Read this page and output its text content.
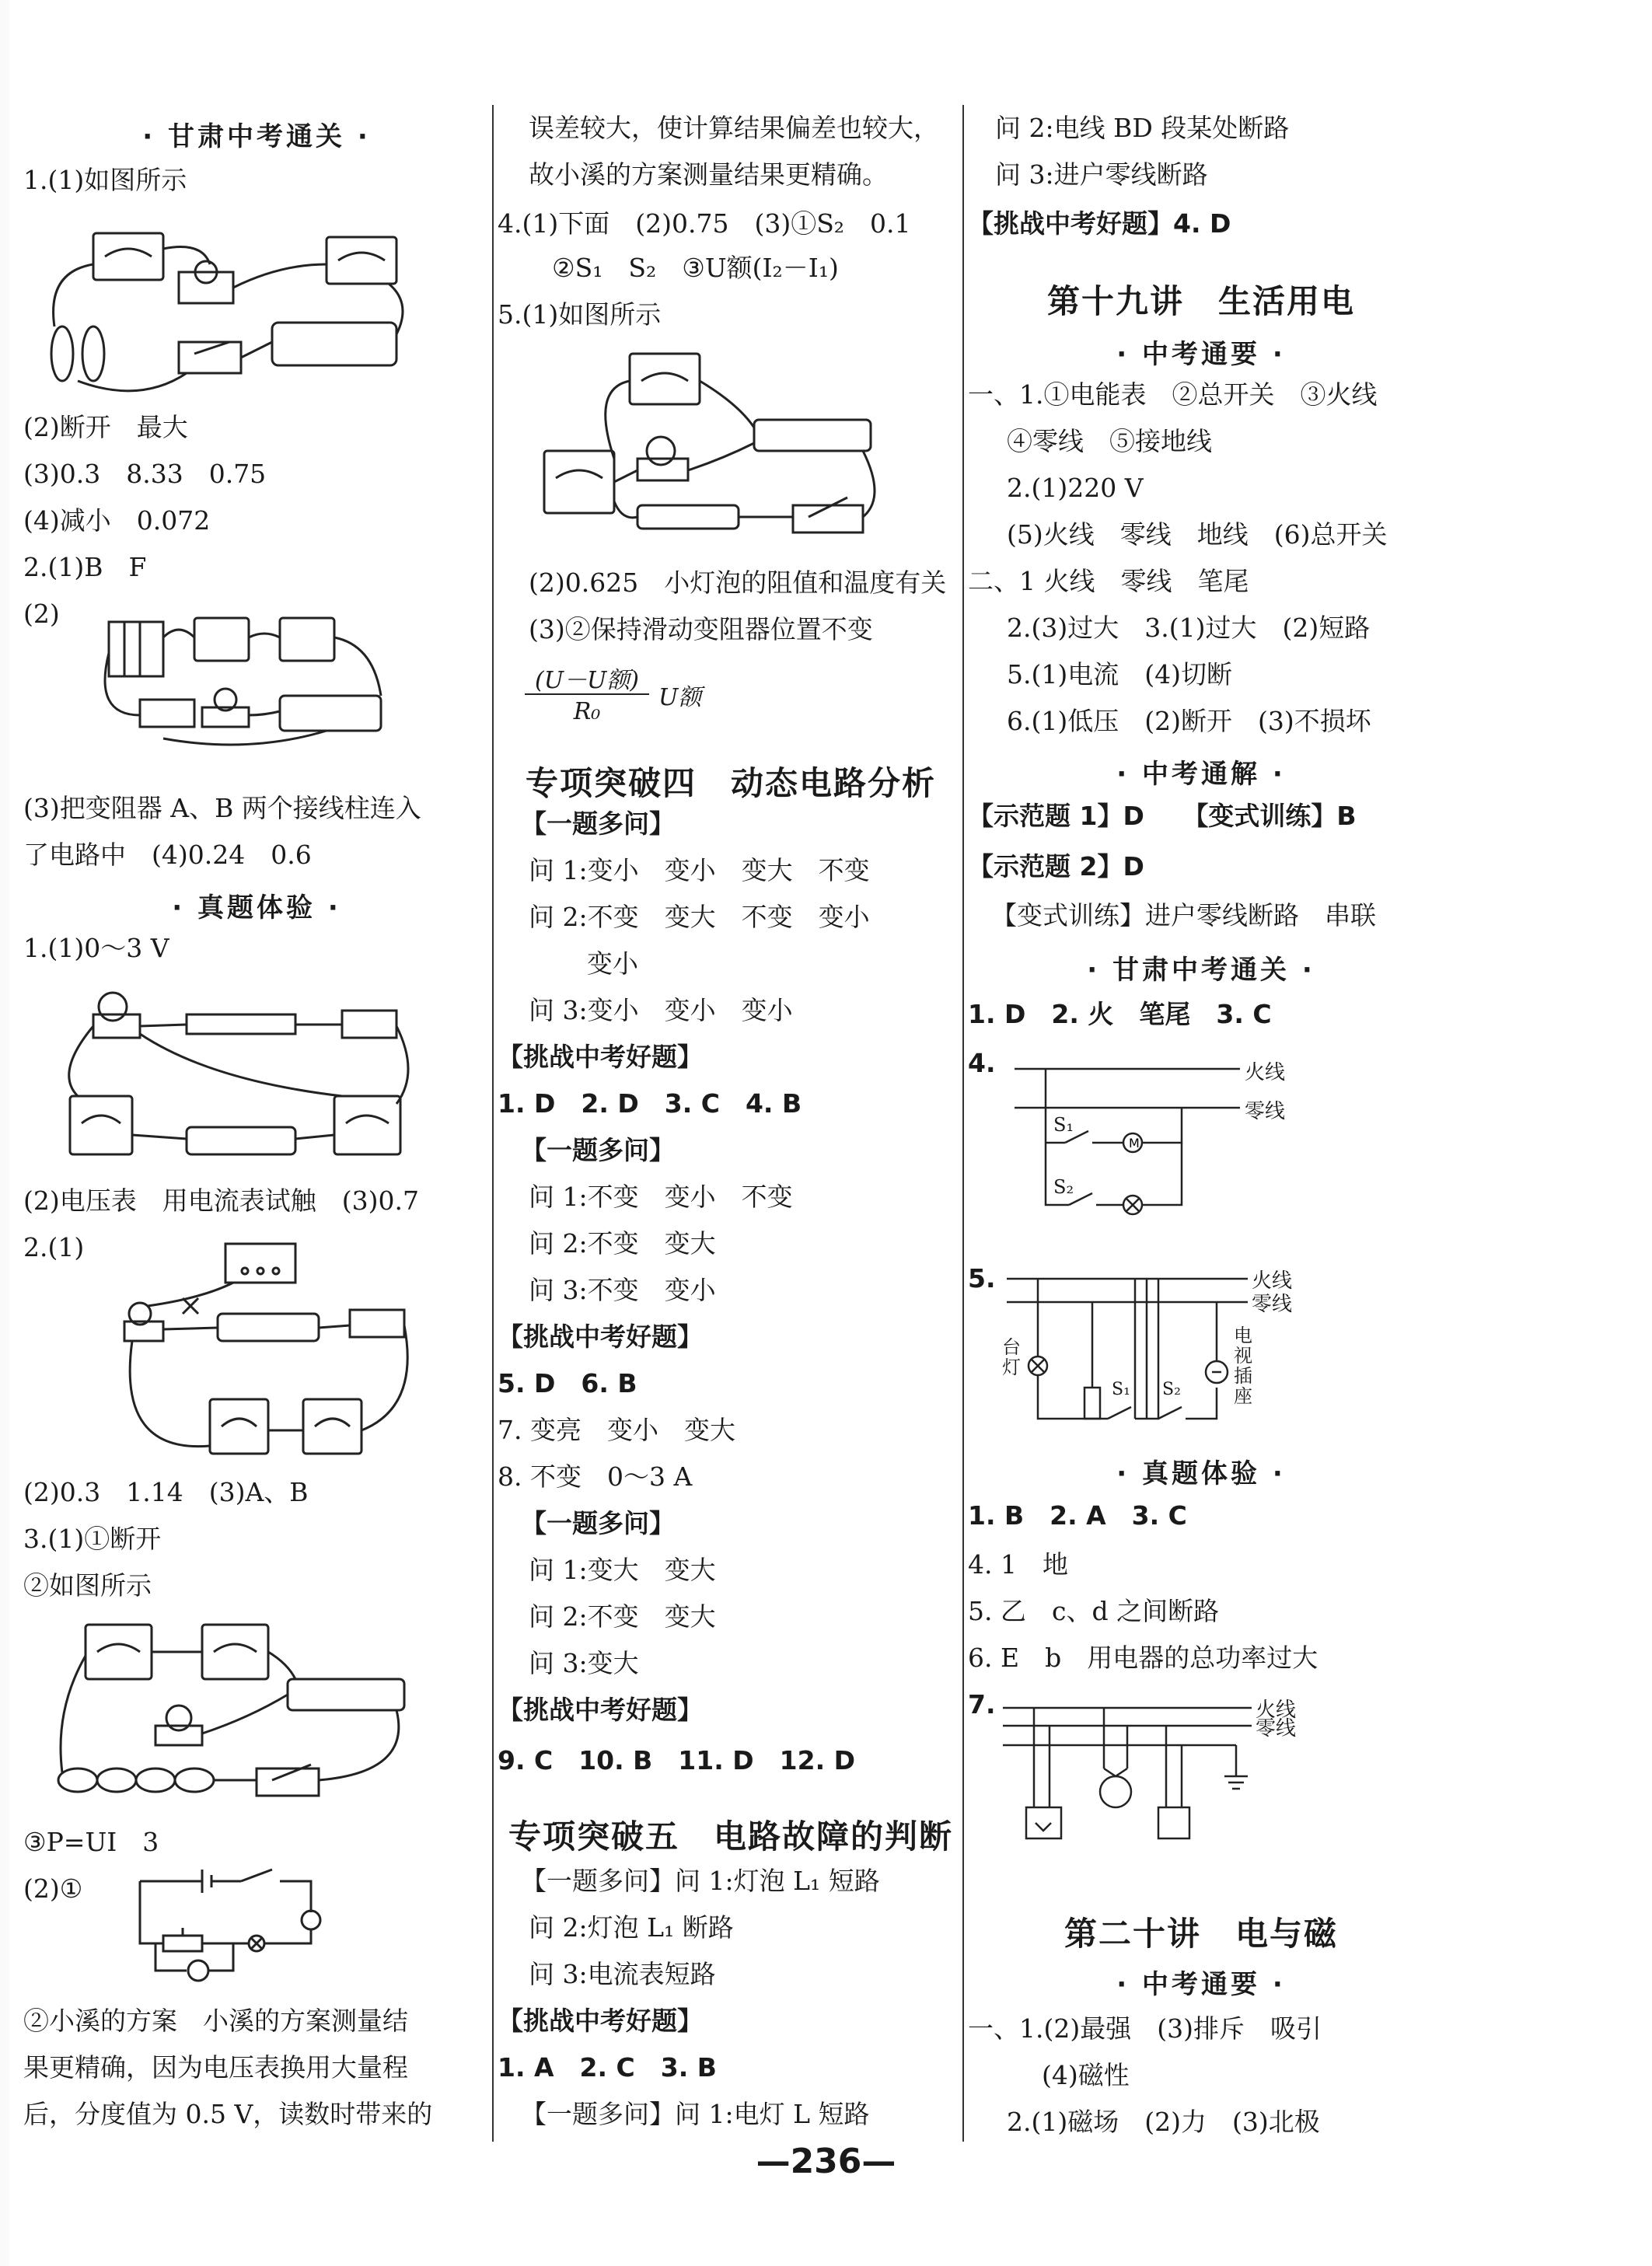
· 甘肃中考通关 ·
1.(1)如图所示
(2)断开　最大
(3)0.3　8.33　0.75
(4)减小　0.072
2.(1)B　F
(2)
(3)把变阻器 A、B 两个接线柱连入
了电路中　(4)0.24　0.6
· 真题体验 ·
1.(1)0～3 V
(2)电压表　用电流表试触　(3)0.7
2.(1)
(2)0.3　1.14　(3)A、B
3.(1)①断开
②如图所示
③P=UI　3
(2)①
②小溪的方案　小溪的方案测量结
果更精确，因为电压表换用大量程
后，分度值为 0.5 V，读数时带来的
误差较大，使计算结果偏差也较大，
故小溪的方案测量结果更精确。
4.(1)下面　(2)0.75　(3)①S₂　0.1
②S₁　S₂　③U额(I₂－I₁)
5.(1)如图所示
(2)0.625　小灯泡的阻值和温度有关
(3)②保持滑动变阻器位置不变
(U－U额)
R₀
U额
专项突破四　动态电路分析
【一题多问】
问 1:变小　变小　变大　不变
问 2:不变　变大　不变　变小
变小
问 3:变小　变小　变小
【挑战中考好题】
1. D　2. D　3. C　4. B
【一题多问】
问 1:不变　变小　不变
问 2:不变　变大
问 3:不变　变小
【挑战中考好题】
5. D　6. B
7. 变亮　变小　变大
8. 不变　0～3 A
【一题多问】
问 1:变大　变大
问 2:不变　变大
问 3:变大
【挑战中考好题】
9. C　10. B　11. D　12. D
专项突破五　电路故障的判断
【一题多问】问 1:灯泡 L₁ 短路
问 2:灯泡 L₁ 断路
问 3:电流表短路
【挑战中考好题】
1. A　2. C　3. B
【一题多问】问 1:电灯 L 短路
问 2:电线 BD 段某处断路
问 3:进户零线断路
【挑战中考好题】4. D
第十九讲　生活用电
· 中考通要 ·
一、1.①电能表　②总开关　③火线
④零线　⑤接地线
2.(1)220 V
(5)火线　零线　地线　(6)总开关
二、1 火线　零线　笔尾
2.(3)过大　3.(1)过大　(2)短路
5.(1)电流　(4)切断
6.(1)低压　(2)断开　(3)不损坏
· 中考通解 ·
【示范题 1】D　　【变式训练】B
【示范题 2】D
【变式训练】进户零线断路　串联
· 甘肃中考通关 ·
1. D　2. 火　笔尾　3. C
4.
M
火线
零线
S₁
S₂
5.	火线
零线
台灯
电视插座
S₁ S₂
· 真题体验 ·
1. B　2. A　3. C
4. 1　地
5. 乙　c、d 之间断路
6. E　b　用电器的总功率过大
7.	火线
零线
第二十讲　电与磁
· 中考通要 ·
一、1.(2)最强　(3)排斥　吸引
(4)磁性
2.(1)磁场　(2)力　(3)北极
—236—
